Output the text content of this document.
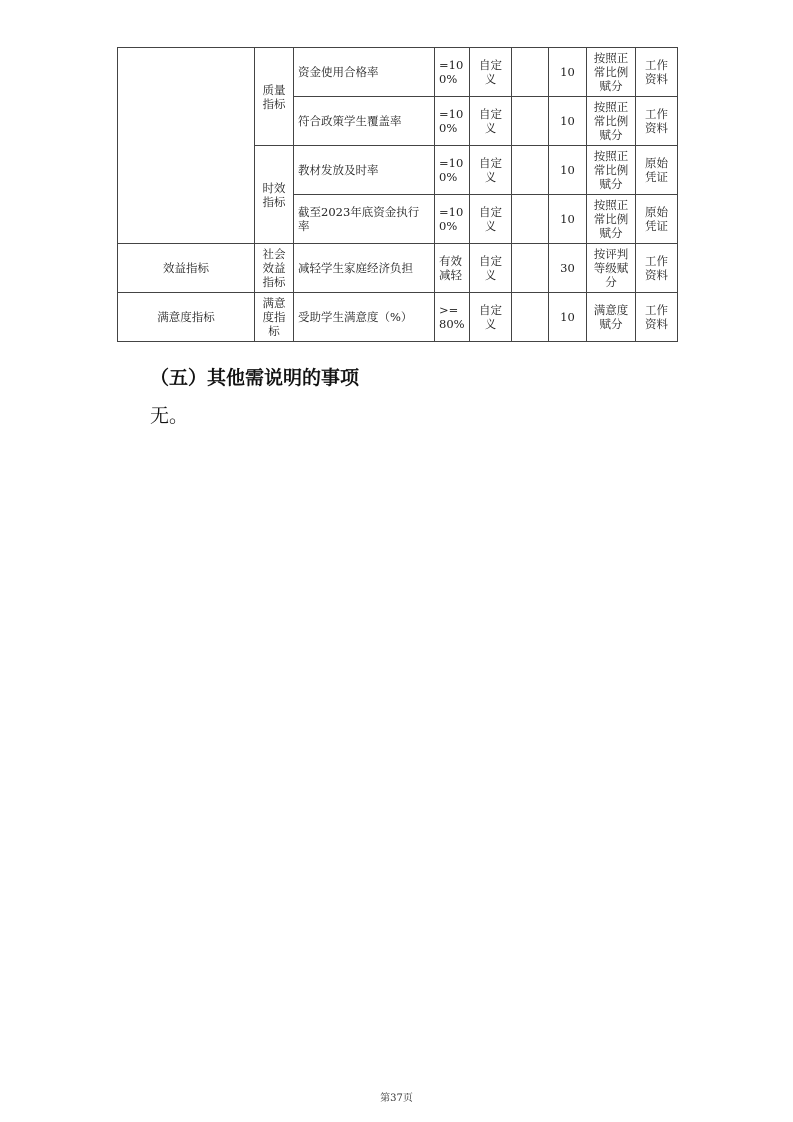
	质量指标	资金使用合格率	=100%	自定义		10	按照正常比例赋分	工作资料
		符合政策学生覆盖率	=100%	自定义		10	按照正常比例赋分	工作资料
	时效指标	教材发放及时率	=100%	自定义		10	按照正常比例赋分	原始凭证
		截至2023年底资金执行率	=100%	自定义		10	按照正常比例赋分	原始凭证
效益指标	社会效益指标	减轻学生家庭经济负担	有效减轻	自定义		30	按评判等级赋分	工作资料
满意度指标	满意度指标	受助学生满意度（%）	>=80%	自定义		10	满意度赋分	工作资料
（五）其他需说明的事项
无。
第37页
